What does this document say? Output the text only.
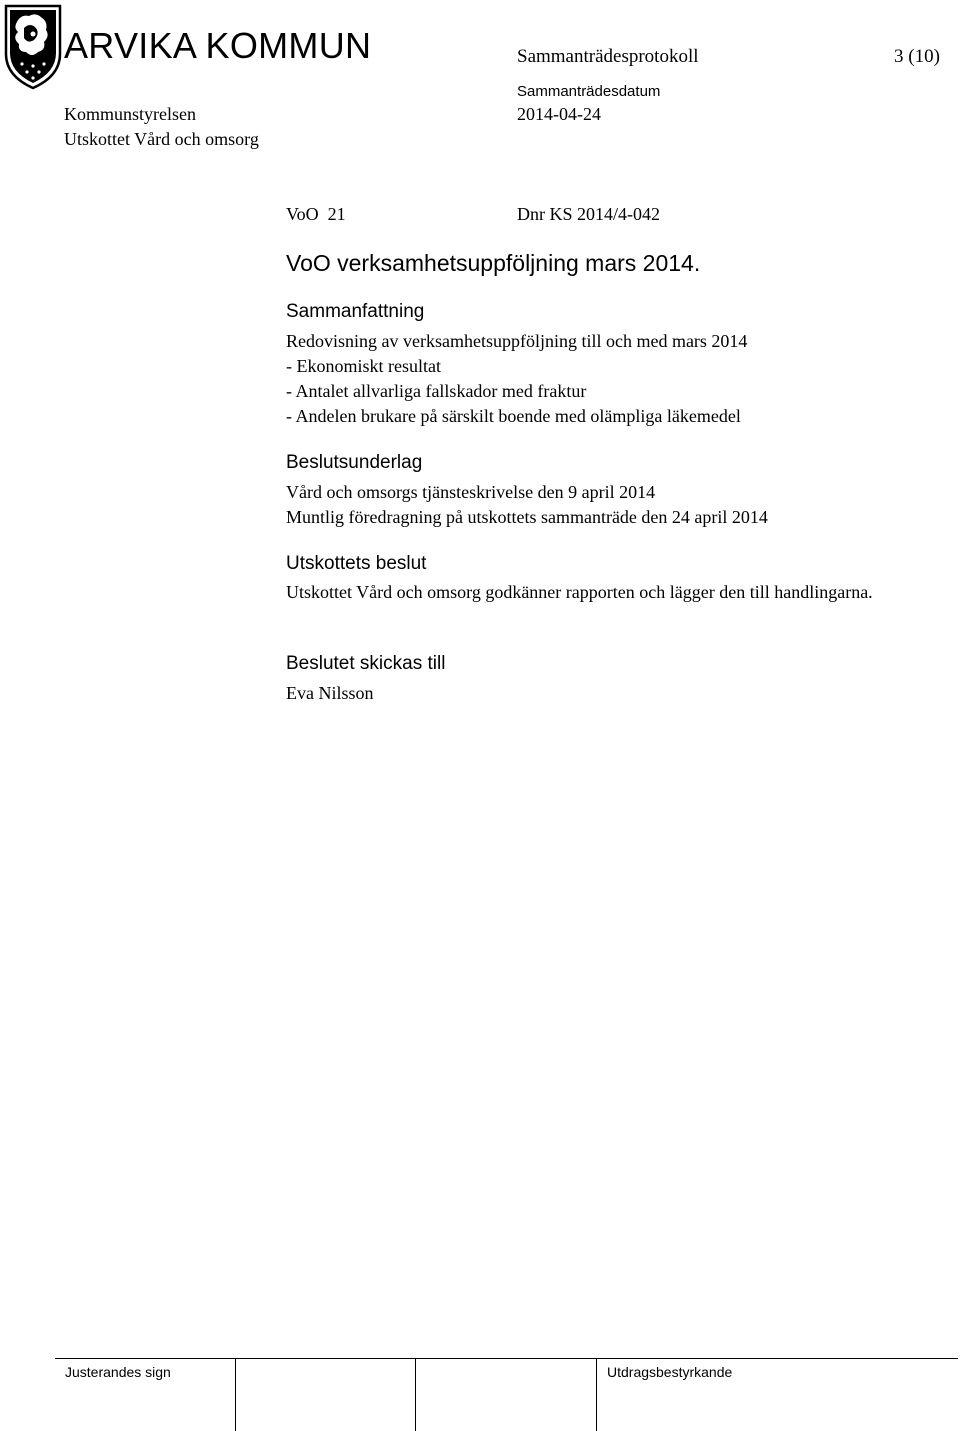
ARVIKA KOMMUN	Sammanträdesprotokoll	3 (10)
Sammanträdesdatum
Kommunstyrelsen	2014-04-24
Utskottet Vård och omsorg
VoO  21	Dnr KS 2014/4-042
VoO verksamhetsuppföljning mars 2014.
Sammanfattning
Redovisning av verksamhetsuppföljning till och med mars 2014
- Ekonomiskt resultat
- Antalet allvarliga fallskador med fraktur
- Andelen brukare på särskilt boende med olämpliga läkemedel
Beslutsunderlag
Vård och omsorgs tjänsteskrivelse den 9 april 2014
Muntlig föredragning på utskottets sammanträde den 24 april 2014
Utskottets beslut
Utskottet Vård och omsorg godkänner rapporten och lägger den till handlingarna.
Beslutet skickas till
Eva Nilsson
Justerandes sign	Utdragsbestyrkande
